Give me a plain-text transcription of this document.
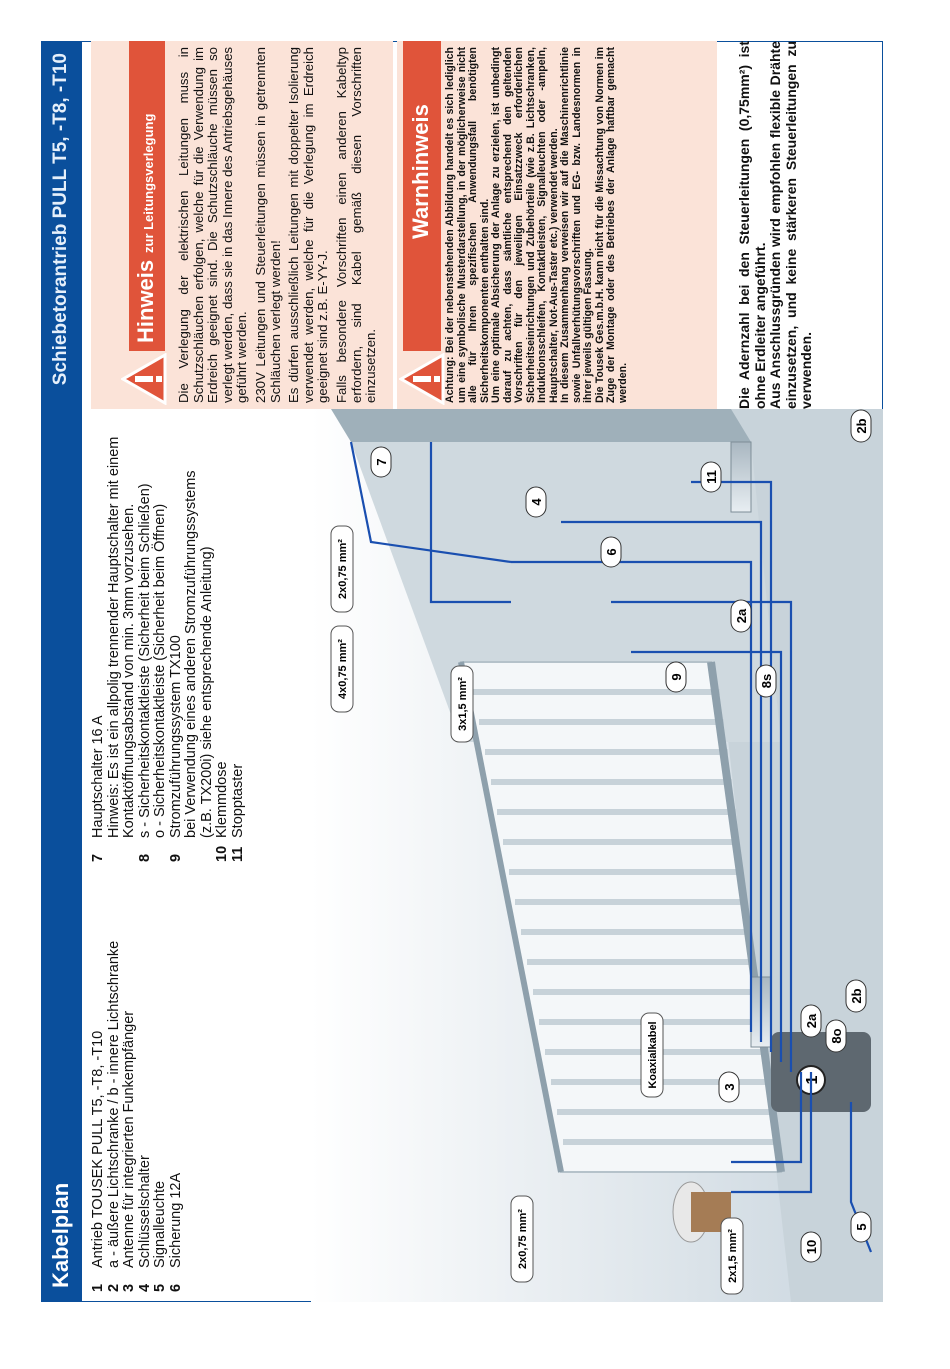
Kabelplan
Schiebetorantrieb PULL T5, -T8, -T10
1
Antrieb TOUSEK PULL T5, -T8, -T10
2
a - äußere Lichtschranke / b - innere Lichtschranke
3
Antenne für integrierten Funkempfänger
4
Schlüsselschalter
5
Signalleuchte
6
Sicherung 12A
7
Hauptschalter 16 A Hinweis: Es ist ein allpolig trennender Hauptschalter mit einem Kontaktöffnungsabstand von min. 3mm vorzusehen.
8
s - Sicherheitskontaktleiste (Sicherheit beim Schließen) o - Sicherheitskontaktleiste (Sicherheit beim Öffnen)
9
Stromzuführungssystem TX100 bei Verwendung eines anderen Stromzuführungssystems (z.B. TX200i) siehe entsprechende Anleitung)
10
Klemmdose
11
Stopptaster
1
5
3
2a
2b
8o
8s
9
2a
6
4
11
7
2b
10
2x1,5 mm²
2x0,75 mm²
Koaxialkabel
3x1,5 mm²
4x0,75 mm²
2x0,75 mm²
Hinweis
zur Leitungsverlegung Die Verlegung der elektrischen Leitungen muss in Schutzschläuchen erfolgen, welche für die Verwendung im Erdreich geeignet sind. Die Schutzschläuche müssen so verlegt werden, dass sie in das Innere des Antriebsgehäuses geführt werden. 230V Leitungen und Steuerleitungen müssen in getrennten Schläuchen verlegt werden! Es dürfen ausschließlich Leitungen mit doppelter Isolierung verwendet werden, welche für die Verlegung im Erdreich geeignet sind z.B. E-YY-J. Falls besondere Vorschriften einen anderen Kabeltyp erfordern, sind Kabel gemäß diesen Vorschriften einzusetzen.

Warnhinweis Achtung: Bei der nebenstehenden Abbildung handelt es sich lediglich um eine symbolische Musterdarstellung, in der möglicherweise nicht alle für Ihren spezifischen Anwendungsfall benötigten Sicherheitskomponenten enthalten sind. Um eine optimale Absicherung der Anlage zu erzielen, ist unbedingt darauf zu achten, dass sämtliche entsprechend den geltenden Vorschriften für den jeweiligen Einsatzzweck erforderlichen Sicherheitseinrichtungen und Zubehörteile (wie z.B. Lichtschranken, Induktionsschleifen, Kontaktleisten, Signalleuchten oder -ampeln, Hauptschalter, Not-Aus-Taster etc.) verwendet werden. In diesem Zusammenhang verweisen wir auf die Maschinenrichtlinie sowie Unfallverhütungsvorschriften und EG- bzw. Landesnormen in ihrer jeweils gültigen Fassung. Die Tousek Ges.m.b.H. kann nicht für die Missachtung von Normen im Zuge der Montage oder des Betriebes der Anlage haftbar gemacht werden.	Die Adernzahl bei den Steuerleitungen (0,75mm²) ist ohne Erdleiter angeführt. Aus Anschlussgründen wird empfohlen flexible Drähte einzusetzen, und keine stärkeren Steuerleitungen zu verwenden.
